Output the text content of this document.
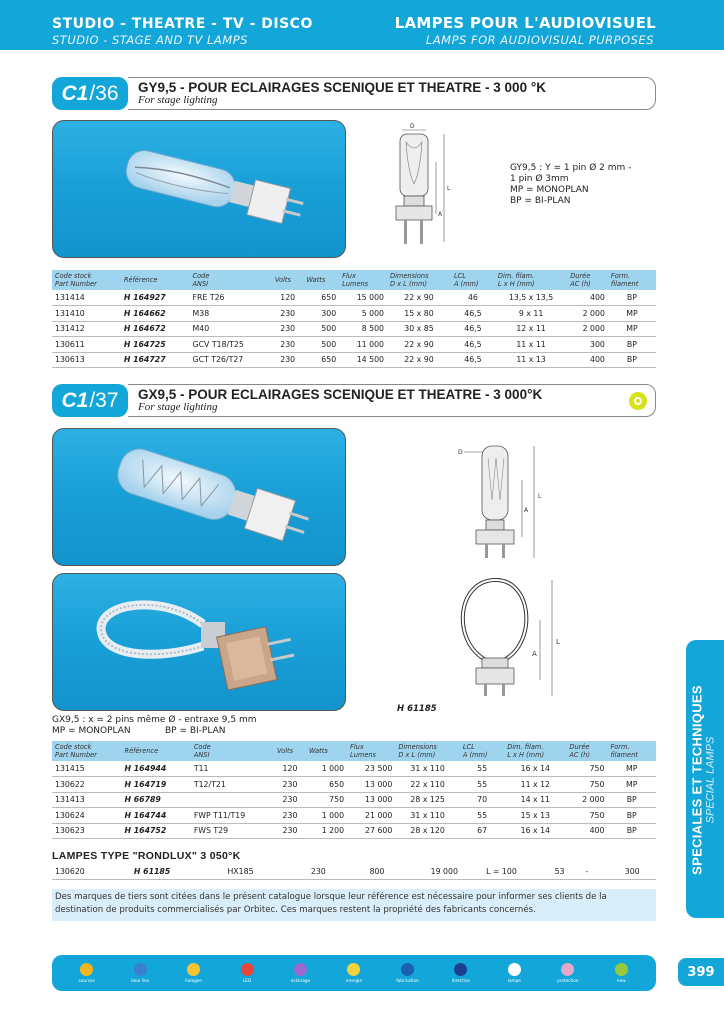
STUDIO - THEATRE - TV - DISCO
STUDIO - STAGE AND TV LAMPS
LAMPES POUR L'AUDIOVISUEL
LAMPS FOR AUDIOVISUAL PURPOSES
C1 /36 GY9,5 - POUR ECLAIRAGES SCENIQUE ET THEATRE - 3 000 °K
For stage lighting
D
L
A
GY9,5 : Y = 1 pin Ø 2 mm -
1 pin Ø 3mm
MP = MONOPLAN
BP = BI-PLAN
Code stock
Part Number	Référence	Code
ANSI	Volts	Watts	Flux
Lumens	Dimensions
D x L (mm)	LCL
A (mm)	Dim. filam.
L x H (mm)	Durée
AC (h)	Form.
filament
131414	H 164927	FRE T26	120	650	15 000	22 x 90	46	13,5 x 13,5	400	BP
131410	H 164662	M38	230	300	5 000	15 x 80	46,5	9 x 11	2 000	MP
131412	H 164672	M40	230	500	8 500	30 x 85	46,5	12 x 11	2 000	MP
130611	H 164725	GCV T18/T25	230	500	11 000	22 x 90	46,5	11 x 11	300	BP
130613	H 164727	GCT T26/T27	230	650	14 500	22 x 90	46,5	11 x 13	400	BP
C1 /37 GX9,5 - POUR ECLAIRAGES SCENIQUE ET THEATRE - 3 000°K
For stage lighting
D
L
A
L
A
H 61185
GX9,5 : x = 2 pins même Ø - entraxe 9,5 mm
MP = MONOPLAN            BP = BI-PLAN
Code stock
Part Number	Référence	Code
ANSI	Volts	Watts	Flux
Lumens	Dimensions
D x L (mm)	LCL
A (mm)	Dim. filam.
L x H (mm)	Durée
AC (h)	Form.
filament
131415	H 164944	T11	120	1 000	23 500	31 x 110	55	16 x 14	750	MP
130622	H 164719	T12/T21	230	650	13 000	22 x 110	55	11 x 12	750	MP
131413	H 66789		230	750	13 000	28 x 125	70	14 x 11	2 000	BP
130624	H 164744	FWP T11/T19	230	1 000	21 000	31 x 110	55	15 x 13	750	BP
130623	H 164752	FWS T29	230	1 200	27 600	28 x 120	67	16 x 14	400	BP
LAMPES TYPE "RONDLUX" 3 050°K
130620	H 61185	HX185	230	800	19 000	L = 100	53	-	300	
Des marques de tiers sont citées dans le présent catalogue lorsque leur référence est nécessaire pour informer ses clients de la destination de produits commercialisés par Orbitec. Ces marques restent la propriété des fabricants concernés.
SPECIALES ET TECHNIQUES SPECIAL LAMPS
sources	blue line	halogen	LED	eclairage	energie	fabrication	directive	lampe	protection	new
399
